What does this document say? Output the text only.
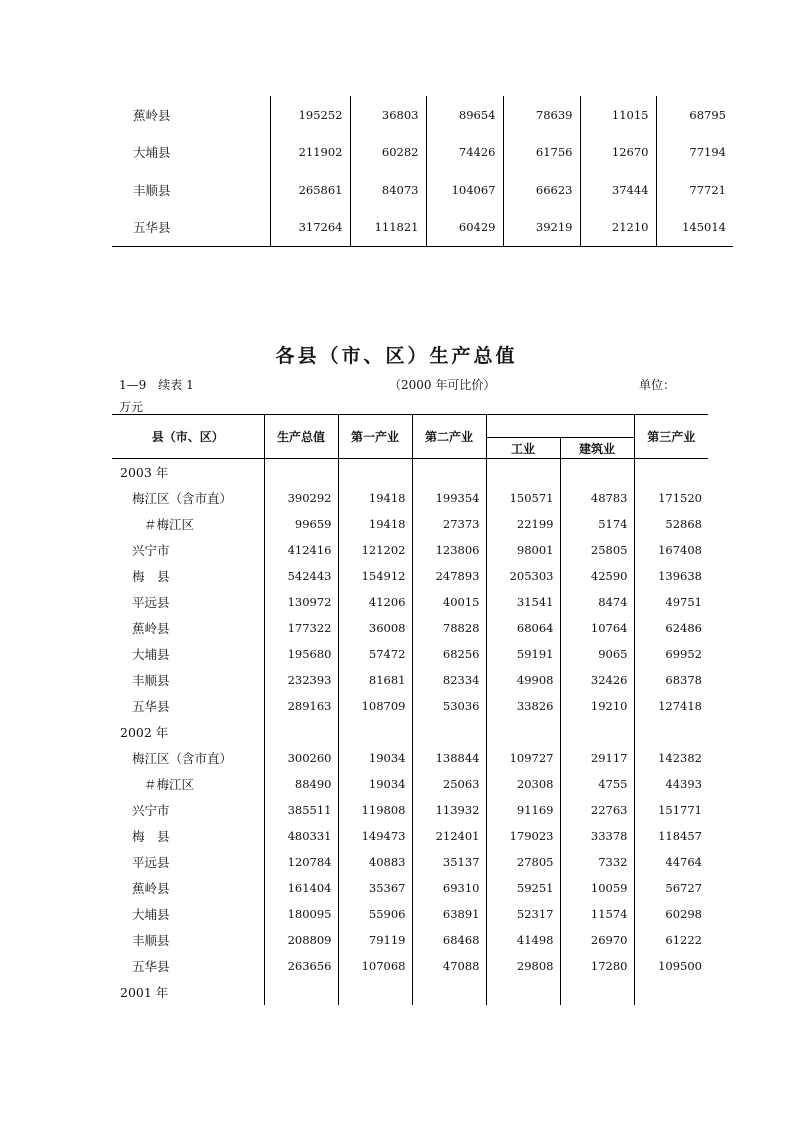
蕉岭县	195252	36803	89654	78639	11015	68795
大埔县	211902	60282	74426	61756	12670	77194
丰顺县	265861	84073	104067	66623	37444	77721
五华县	317264	111821	60429	39219	21210	145014
各县（市、区）生产总值
1—9　续表 1	（2000 年可比价）	单位：
万元
县（市、区）	生产总值	第一产业	第二产业			第三产业
				工业	建筑业	
2003 年						
梅江区（含市直）	390292	19418	199354	150571	48783	171520
＃梅江区	99659	19418	27373	22199	5174	52868
兴宁市	412416	121202	123806	98001	25805	167408
梅　县	542443	154912	247893	205303	42590	139638
平远县	130972	41206	40015	31541	8474	49751
蕉岭县	177322	36008	78828	68064	10764	62486
大埔县	195680	57472	68256	59191	9065	69952
丰顺县	232393	81681	82334	49908	32426	68378
五华县	289163	108709	53036	33826	19210	127418
2002 年						
梅江区（含市直）	300260	19034	138844	109727	29117	142382
＃梅江区	88490	19034	25063	20308	4755	44393
兴宁市	385511	119808	113932	91169	22763	151771
梅　县	480331	149473	212401	179023	33378	118457
平远县	120784	40883	35137	27805	7332	44764
蕉岭县	161404	35367	69310	59251	10059	56727
大埔县	180095	55906	63891	52317	11574	60298
丰顺县	208809	79119	68468	41498	26970	61222
五华县	263656	107068	47088	29808	17280	109500
2001 年						
